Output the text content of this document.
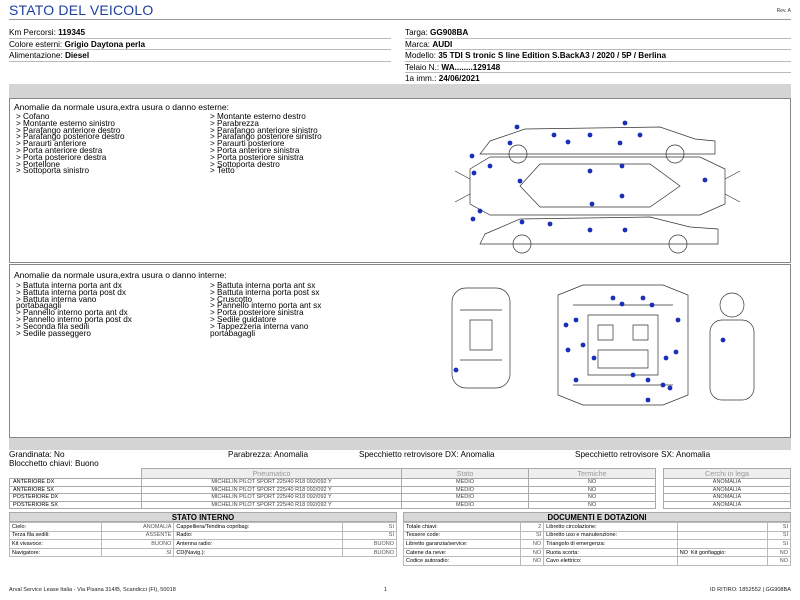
STATO DEL VEICOLO	Rev. A
Km Percorsi: 119345
Colore esterni: Grigio Daytona perla
Alimentazione: Diesel
Targa: GG908BA
Marca: AUDI
Modello: 35 TDI S tronic S line Edition S.BackA3 / 2020 / 5P / Berlina
Telaio N.: WA........129148
1a imm.: 24/06/2021
Anomalie da normale usura,extra usura o danno esterne:
> Cofano
> Montante esterno sinistro
> Parafango anteriore destro
> Parafango posteriore destro
> Paraurti anteriore
> Porta anteriore destra
> Porta posteriore destra
> Portellone
> Sottoporta sinistro
> Montante esterno destro
> Parabrezza
> Parafango anteriore sinistro
> Parafango posteriore sinistro
> Paraurti posteriore
> Porta anteriore sinistra
> Porta posteriore sinistra
> Sottoporta destro
> Tetto
Anomalie da normale usura,extra usura o danno interne:
> Battuta interna porta ant dx
> Battuta interna porta post dx
> Battuta interna vano
portabagagli
> Pannello interno porta ant dx
> Pannello interno porta post dx
> Seconda fila sedili
> Sedile passeggero
> Battuta interna porta ant sx
> Battuta interna porta post sx
> Cruscotto
> Pannello interno porta ant sx
> Porta posteriore sinistra
> Sedile guidatore
> Tappezzeria interna vano
portabagagli
Grandinata: No	Parabrezza: Anomalia	Specchietto retrovisore DX: Anomalia	Specchietto retrovisore SX: Anomalia
Blocchetto chiavi: Buono
	Pneumatico	Stato	Termiche		Cerchi in lega
ANTERIORE DX	MICHELIN PILOT SPORT 225/40 R18 092/092 Y	MEDIO	NO		ANOMALIA
ANTERIORE SX	MICHELIN PILOT SPORT 225/40 R18 092/092 Y	MEDIO	NO		ANOMALIA
POSTERIORE DX	MICHELIN PILOT SPORT 225/40 R18 092/092 Y	MEDIO	NO		ANOMALIA
POSTERIORE SX	MICHELIN PILOT SPORT 225/40 R18 092/092 Y	MEDIO	NO		ANOMALIA
STATO INTERNO
Cielo:	ANOMALIA	Cappelliera/Tendina copribag:	SI
Terza fila sedili:	ASSENTE	Radio:	SI
Kit vivavoce:	BUONO	Antenna radio:	BUONO
Navigatore:	SI	CD(Navig.):	BUONO
DOCUMENTI E DOTAZIONI
Totale chiavi:	2	Libretto circolazione:		SI
Tessere code:	SI	Libretto uso e manutenzione:		SI
Libretto garanzia/service:	NO	Triangolo di emergenza:		SI
Catene da neve:	NO	Ruota scorta:	NO Kit gonfiaggio:	NO
Codice autoradio:	NO	Cavo elettrico:		NO
Arval Service Lease Italia - Via Pisana 314/B, Scandicci (FI), 50018	1	ID RITIRO: 1852552 | GG908BA
